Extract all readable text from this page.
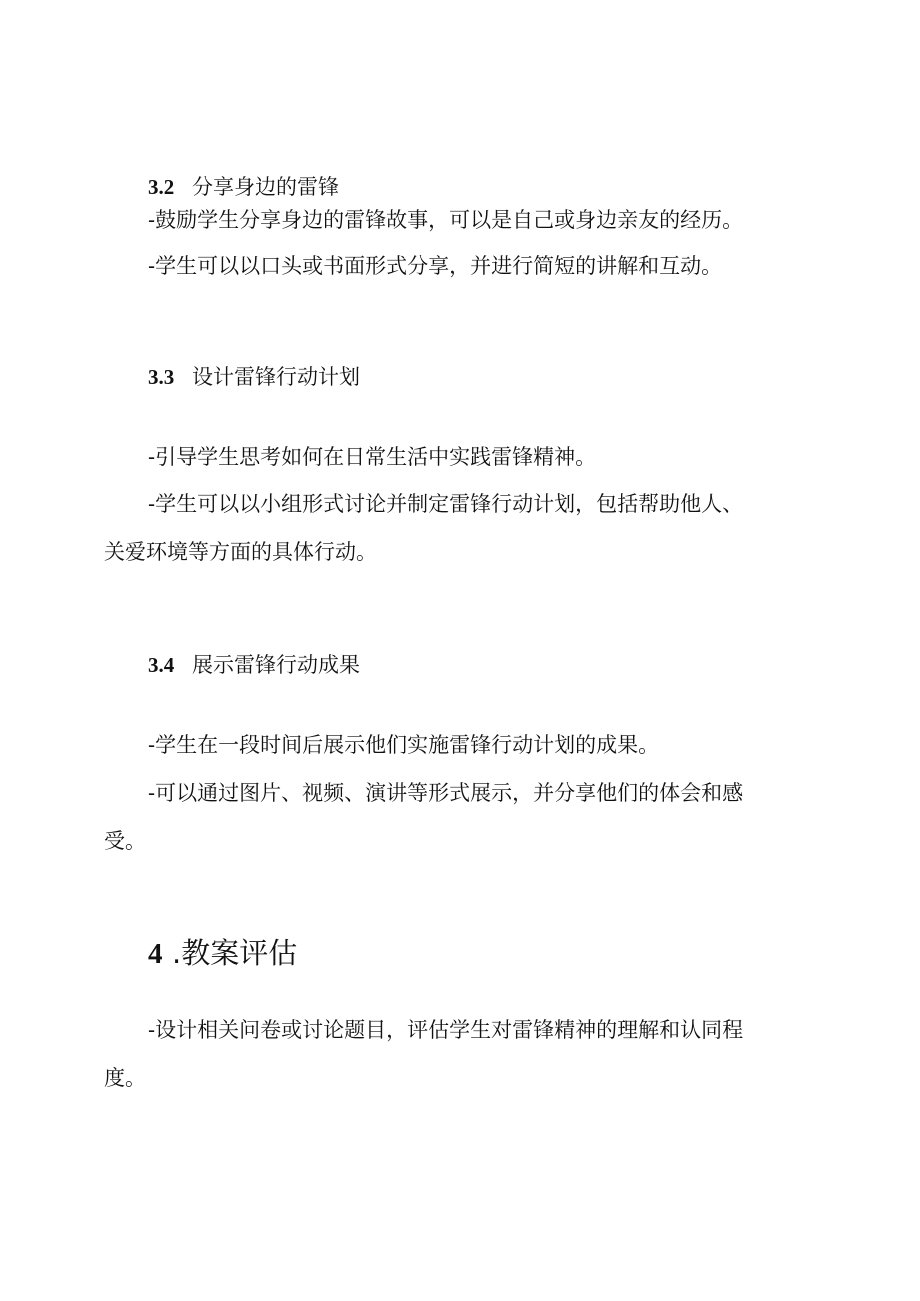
3.2 分享身边的雷锋

-鼓励学生分享身边的雷锋故事，可以是自己或身边亲友的经历。

-学生可以以口头或书面形式分享，并进行简短的讲解和互动。

3.3 设计雷锋行动计划

-引导学生思考如何在日常生活中实践雷锋精神。

-学生可以以小组形式讨论并制定雷锋行动计划，包括帮助他人、

关爱环境等方面的具体行动。

3.4 展示雷锋行动成果

-学生在一段时间后展示他们实施雷锋行动计划的成果。

-可以通过图片、视频、演讲等形式展示，并分享他们的体会和感

受。

4 .教案评估

-设计相关问卷或讨论题目，评估学生对雷锋精神的理解和认同程

度。
